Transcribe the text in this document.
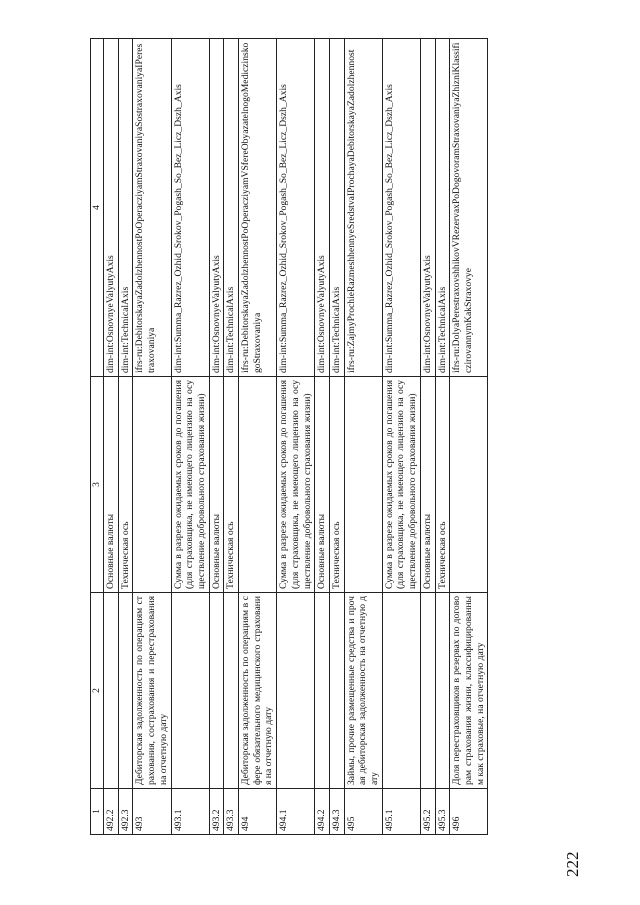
222
1	2	3	4
492.2		Основные валюты	dim-int:OsnovnyeValyutyAxis
492.3		Техническая ось	dim-int:TechnicalAxis
493	Дебиторская задолженность по операциям страхования, сострахования и перестрахования на отчетную дату		ifrs-ru:DebitorskayaZadolzhennostPoOperacziyamStraxovaniyaSostraxovaniyaIPerestraxovaniya
493.1		Сумма в разрезе ожидаемых сроков до погашения (для страховщика, не имеющего лицензию на осуществление добровольного страхования жизни)	dim-int:Summa_Razrez_Ozhid_Srokov_Pogash_So_Bez_Licz_Dszh_Axis
493.2		Основные валюты	dim-int:OsnovnyeValyutyAxis
493.3		Техническая ось	dim-int:TechnicalAxis
494	Дебиторская задолженность по операциям в сфере обязательного медицинского страхования на отчетную дату		ifrs-ru:DebitorskayaZadolzhennostPoOperacziyamVSfereObyazatelnogoMediczinskogoStraxovaniya
494.1		Сумма в разрезе ожидаемых сроков до погашения (для страховщика, не имеющего лицензию на осуществление добровольного страхования жизни)	dim-int:Summa_Razrez_Ozhid_Srokov_Pogash_So_Bez_Licz_Dszh_Axis
494.2		Основные валюты	dim-int:OsnovnyeValyutyAxis
494.3		Техническая ось	dim-int:TechnicalAxis
495	Займы, прочие размещенные средства и прочая дебиторская задолженность на отчетную дату		ifrs-ru:ZajmyProchieRazmeshhennyeSredstvaIProchayaDebitorskayaZadolzhennost
495.1		Сумма в разрезе ожидаемых сроков до погашения (для страховщика, не имеющего лицензию на осуществление добровольного страхования жизни)	dim-int:Summa_Razrez_Ozhid_Srokov_Pogash_So_Bez_Licz_Dszh_Axis
495.2		Основные валюты	dim-int:OsnovnyeValyutyAxis
495.3		Техническая ось	dim-int:TechnicalAxis
496	Доля перестраховщиков в резервах по договорам страхования жизни, классифицированным как страховые, на отчетную дату		ifrs-ru:DolyaPerestraxovshhikovVRezervaxPoDogovoramStraxovaniyaZhizniKlassificzirovannymKakStraxovye
